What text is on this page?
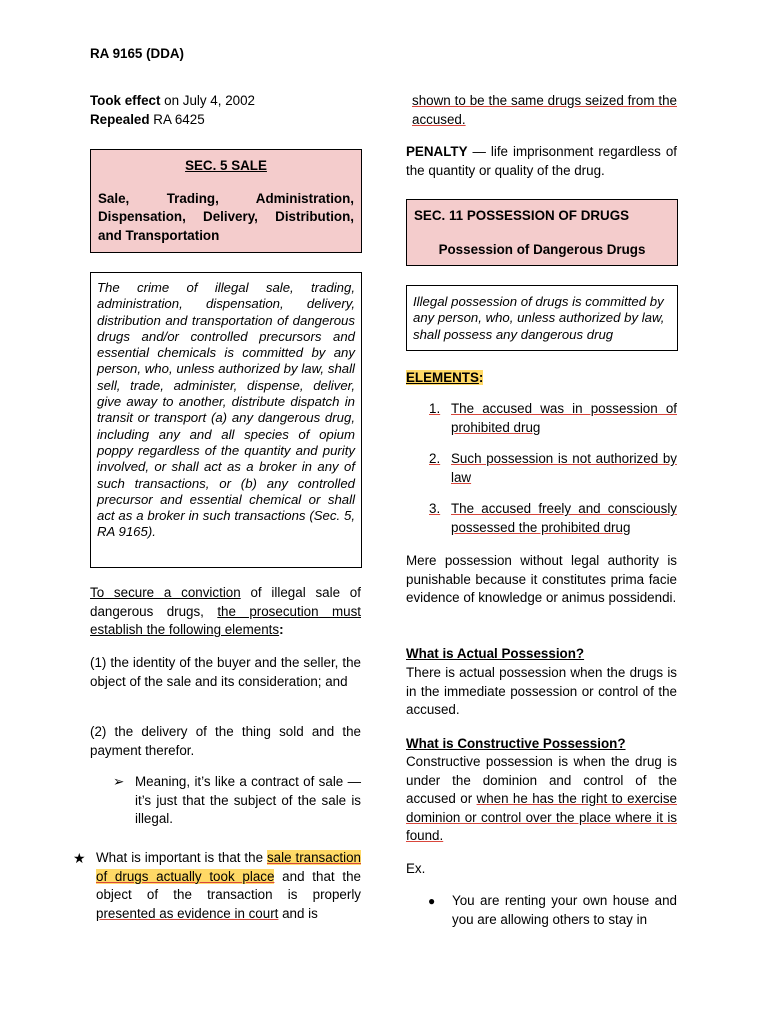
RA 9165 (DDA)
Took effect on July 4, 2002
Repealed RA 6425
SEC. 5 SALE
Sale, Trading, Administration, Dispensation, Delivery, Distribution, and Transportation
The crime of illegal sale, trading, administration, dispensation, delivery, distribution and transportation of dangerous drugs and/or controlled precursors and essential chemicals is committed by any person, who, unless authorized by law, shall sell, trade, administer, dispense, deliver, give away to another, distribute dispatch in transit or transport (a) any dangerous drug, including any and all species of opium poppy regardless of the quantity and purity involved, or shall act as a broker in any of such transactions, or (b) any controlled precursor and essential chemical or shall act as a broker in such transactions (Sec. 5, RA 9165).
To secure a conviction of illegal sale of dangerous drugs, the prosecution must establish the following elements:
(1) the identity of the buyer and the seller, the object of the sale and its consideration; and
(2) the delivery of the thing sold and the payment therefor.
➢ Meaning, it’s like a contract of sale — it’s just that the subject of the sale is illegal.
★ What is important is that the sale transaction of drugs actually took place and that the object of the transaction is properly presented as evidence in court and is
shown to be the same drugs seized from the accused.
PENALTY — life imprisonment regardless of the quantity or quality of the drug.
SEC. 11 POSSESSION OF DRUGS
Possession of Dangerous Drugs
Illegal possession of drugs is committed by any person, who, unless authorized by law, shall possess any dangerous drug
ELEMENTS:
1. The accused was in possession of prohibited drug
2. Such possession is not authorized by law
3. The accused freely and consciously possessed the prohibited drug
Mere possession without legal authority is punishable because it constitutes prima facie evidence of knowledge or animus possidendi.
What is Actual Possession?
There is actual possession when the drugs is in the immediate possession or control of the accused.
What is Constructive Possession?
Constructive possession is when the drug is under the dominion and control of the accused or when he has the right to exercise dominion or control over the place where it is found.
Ex.
● You are renting your own house and you are allowing others to stay in
